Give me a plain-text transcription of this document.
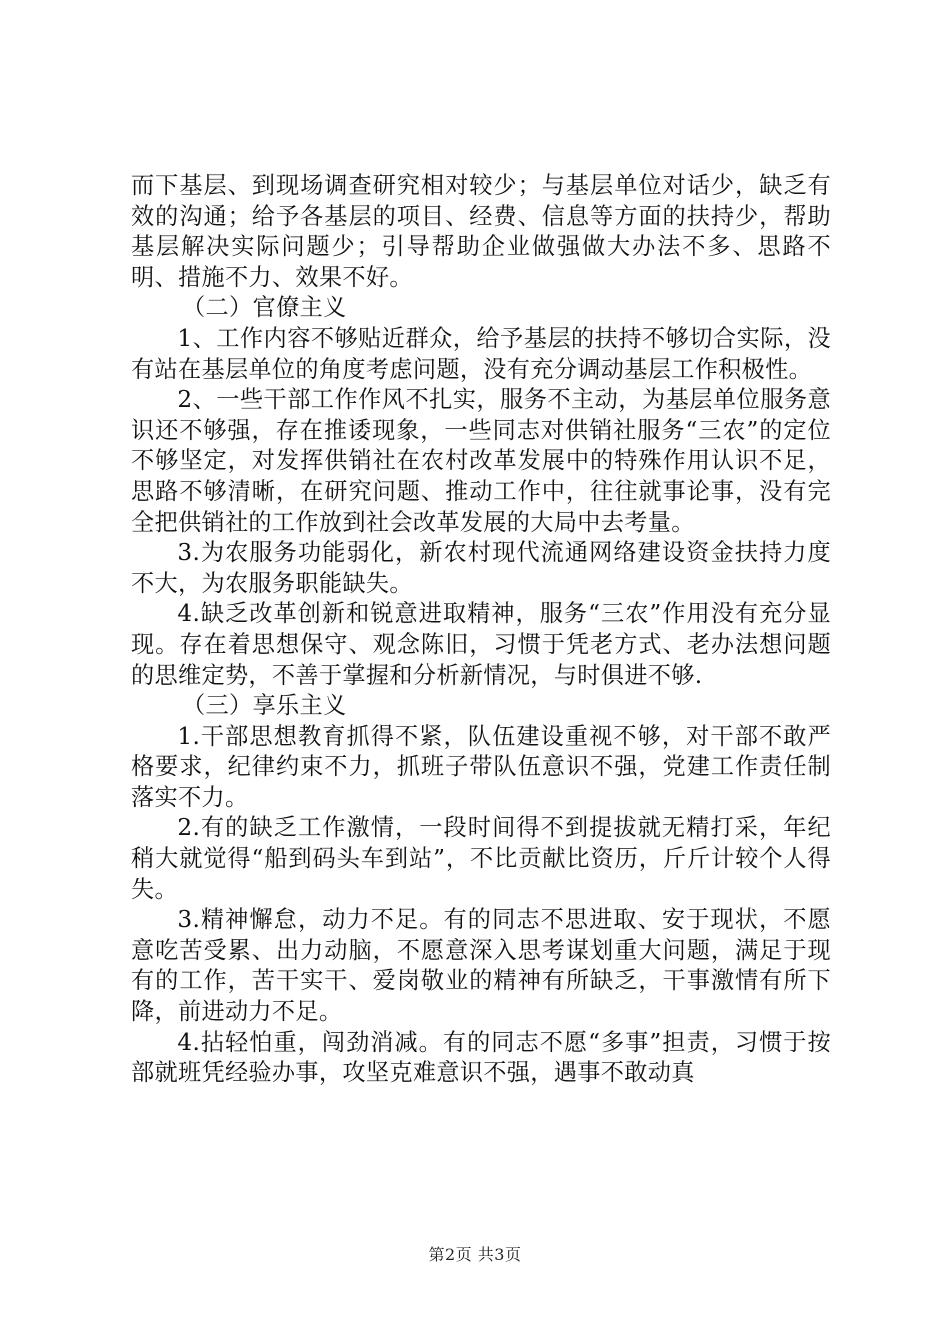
而下基层、到现场调查研究相对较少；与基层单位对话少，缺乏有效的沟通；给予各基层的项目、经费、信息等方面的扶持少，帮助基层解决实际问题少；引导帮助企业做强做大办法不多、思路不明、措施不力、效果不好。

（二）官僚主义

1、工作内容不够贴近群众，给予基层的扶持不够切合实际，没有站在基层单位的角度考虑问题，没有充分调动基层工作积极性。

2、一些干部工作作风不扎实，服务不主动，为基层单位服务意识还不够强，存在推诿现象，一些同志对供销社服务“三农”的定位不够坚定，对发挥供销社在农村改革发展中的特殊作用认识不足，思路不够清晰，在研究问题、推动工作中，往往就事论事，没有完全把供销社的工作放到社会改革发展的大局中去考量。

3.为农服务功能弱化，新农村现代流通网络建设资金扶持力度不大，为农服务职能缺失。

4.缺乏改革创新和锐意进取精神，服务“三农”作用没有充分显现。存在着思想保守、观念陈旧，习惯于凭老方式、老办法想问题的思维定势，不善于掌握和分析新情况，与时俱进不够.

（三）享乐主义

1.干部思想教育抓得不紧，队伍建设重视不够，对干部不敢严格要求，纪律约束不力，抓班子带队伍意识不强，党建工作责任制落实不力。

2.有的缺乏工作激情，一段时间得不到提拔就无精打采，年纪稍大就觉得“船到码头车到站”，不比贡献比资历，斤斤计较个人得失。

3.精神懈怠，动力不足。有的同志不思进取、安于现状，不愿意吃苦受累、出力动脑，不愿意深入思考谋划重大问题，满足于现有的工作，苦干实干、爱岗敬业的精神有所缺乏，干事激情有所下降，前进动力不足。

4.拈轻怕重，闯劲消减。有的同志不愿“多事”担责，习惯于按部就班凭经验办事，攻坚克难意识不强，遇事不敢动真

第2页 共3页
